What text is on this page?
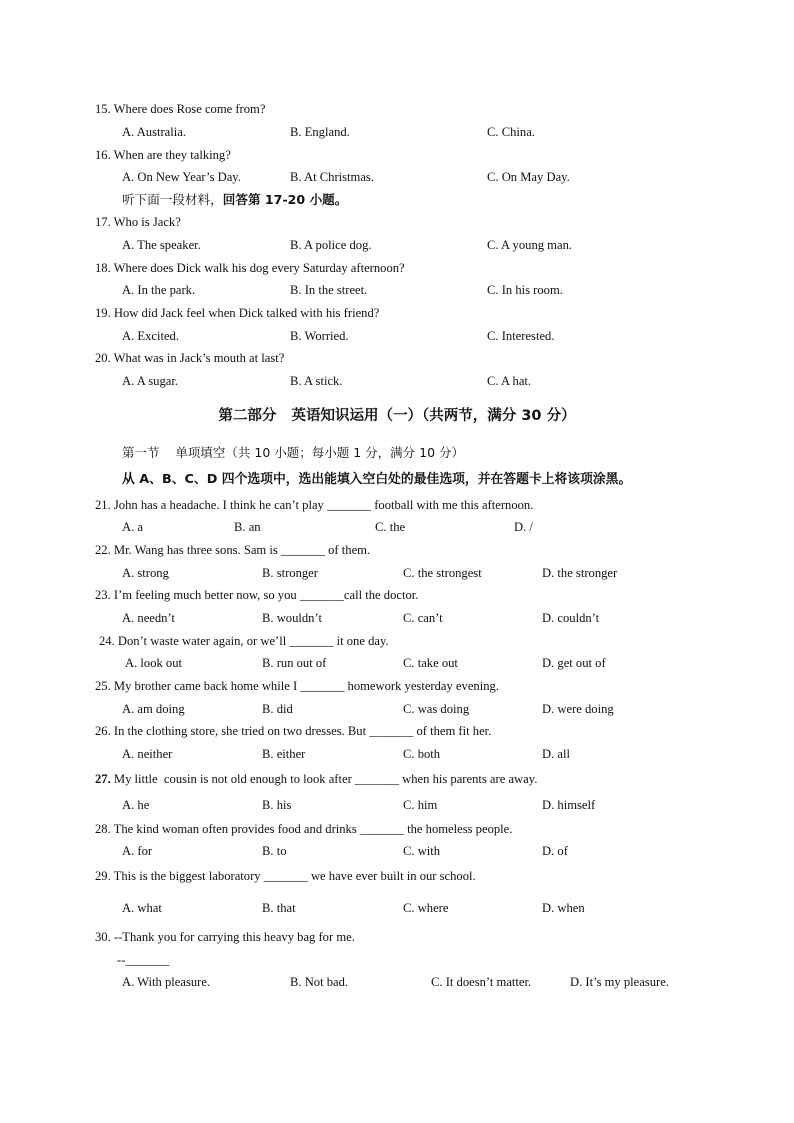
15. Where does Rose come from?
A. Australia.	B. England.	C. China.
16. When are they talking?
A. On New Year’s Day.	B. At Christmas.	C. On May Day.
听下面一段材料，回答第 17-20 小题。
17. Who is Jack?
A. The speaker.	B. A police dog.	C. A young man.
18. Where does Dick walk his dog every Saturday afternoon?
A. In the park.	B. In the street.	C. In his room.
19. How did Jack feel when Dick talked with his friend?
A. Excited.	B. Worried.	C. Interested.
20. What was in Jack’s mouth at last?
A. A sugar.	B. A stick.	C. A hat.
第二部分   英语知识运用（一）（共两节，满分 30 分）
第一节    单项填空（共 10 小题；每小题 1 分，满分 10 分）
从 A、B、C、D 四个选项中，选出能填入空白处的最佳选项，并在答题卡上将该项涂黑。
21. John has a headache. I think he can’t play _______ football with me this afternoon.
A. a	B. an	C. the	D. /
22. Mr. Wang has three sons. Sam is _______ of them.
A. strong	B. stronger	C. the strongest	D. the stronger
23. I’m feeling much better now, so you _______call the doctor.
A. needn’t	B. wouldn’t	C. can’t	D. couldn’t
24. Don’t waste water again, or we’ll _______ it one day.
A. look out	B. run out of	C. take out	D. get out of
25. My brother came back home while I _______ homework yesterday evening.
A. am doing	B. did	C. was doing	D. were doing
26. In the clothing store, she tried on two dresses. But _______ of them fit her.
A. neither	B. either	C. both	D. all
27. My little  cousin is not old enough to look after _______ when his parents are away.
A. he	B. his	C. him	D. himself
28. The kind woman often provides food and drinks _______ the homeless people.
A. for	B. to	C. with	D. of
29. This is the biggest laboratory _______ we have ever built in our school.
A. what	B. that	C. where	D. when
30. --Thank you for carrying this heavy bag for me.
--_______
A. With pleasure.	B. Not bad.	C. It doesn’t matter.	D. It’s my pleasure.
